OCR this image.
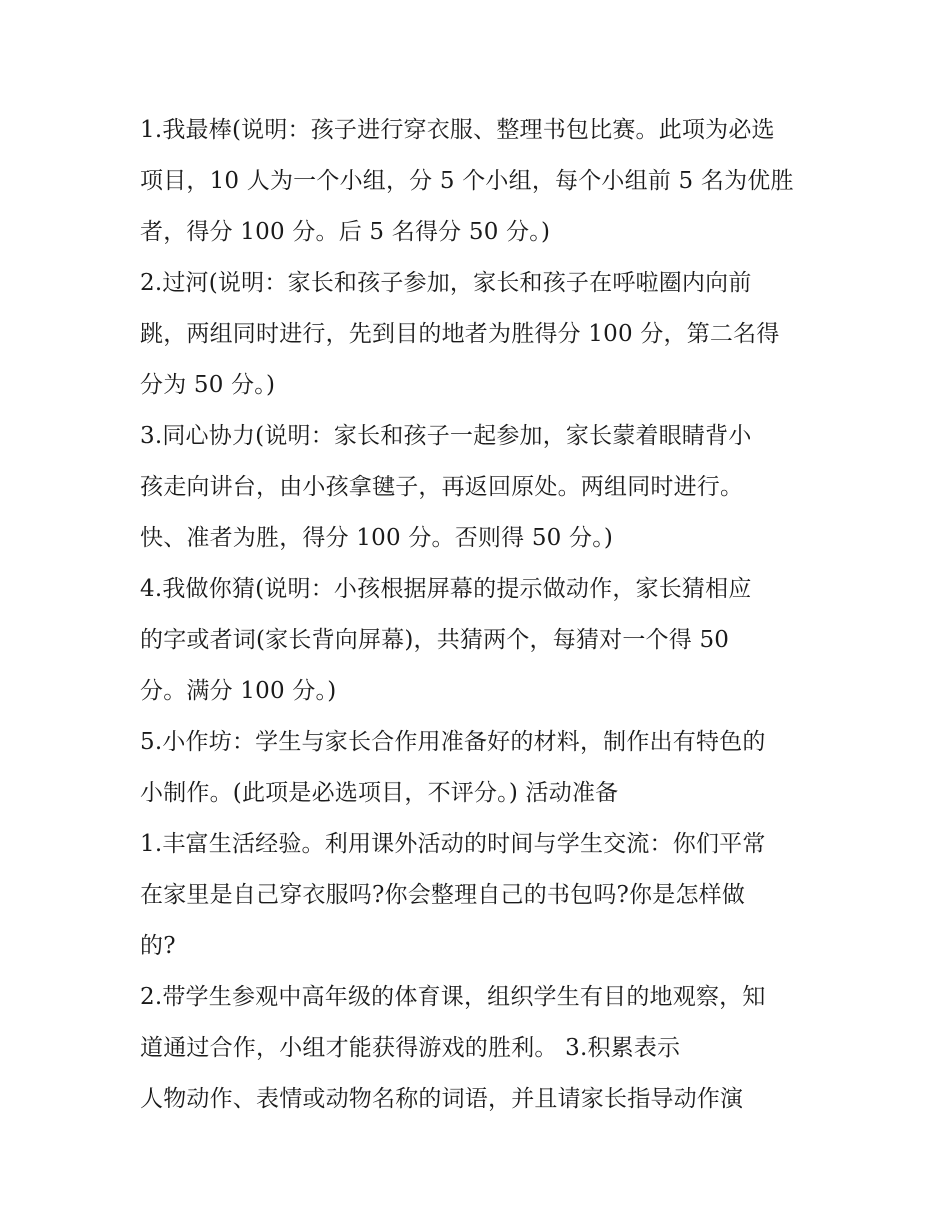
1.我最棒(说明：孩子进行穿衣服、整理书包比赛。此项为必选
项目，10 人为一个小组，分 5 个小组，每个小组前 5 名为优胜
者，得分 100 分。后 5 名得分 50 分。)
2.过河(说明：家长和孩子参加，家长和孩子在呼啦圈内向前
跳，两组同时进行，先到目的地者为胜得分 100 分，第二名得
分为 50 分。)
3.同心协力(说明：家长和孩子一起参加，家长蒙着眼睛背小
孩走向讲台，由小孩拿毽子，再返回原处。两组同时进行。
快、准者为胜，得分 100 分。否则得 50 分。)
4.我做你猜(说明：小孩根据屏幕的提示做动作，家长猜相应
的字或者词(家长背向屏幕)，共猜两个，每猜对一个得 50
分。满分 100 分。)
5.小作坊：学生与家长合作用准备好的材料，制作出有特色的
小制作。(此项是必选项目，不评分。) 活动准备
1.丰富生活经验。利用课外活动的时间与学生交流：你们平常
在家里是自己穿衣服吗?你会整理自己的书包吗?你是怎样做
的?
2.带学生参观中高年级的体育课，组织学生有目的地观察，知
道通过合作，小组才能获得游戏的胜利。 3.积累表示
人物动作、表情或动物名称的词语，并且请家长指导动作演
